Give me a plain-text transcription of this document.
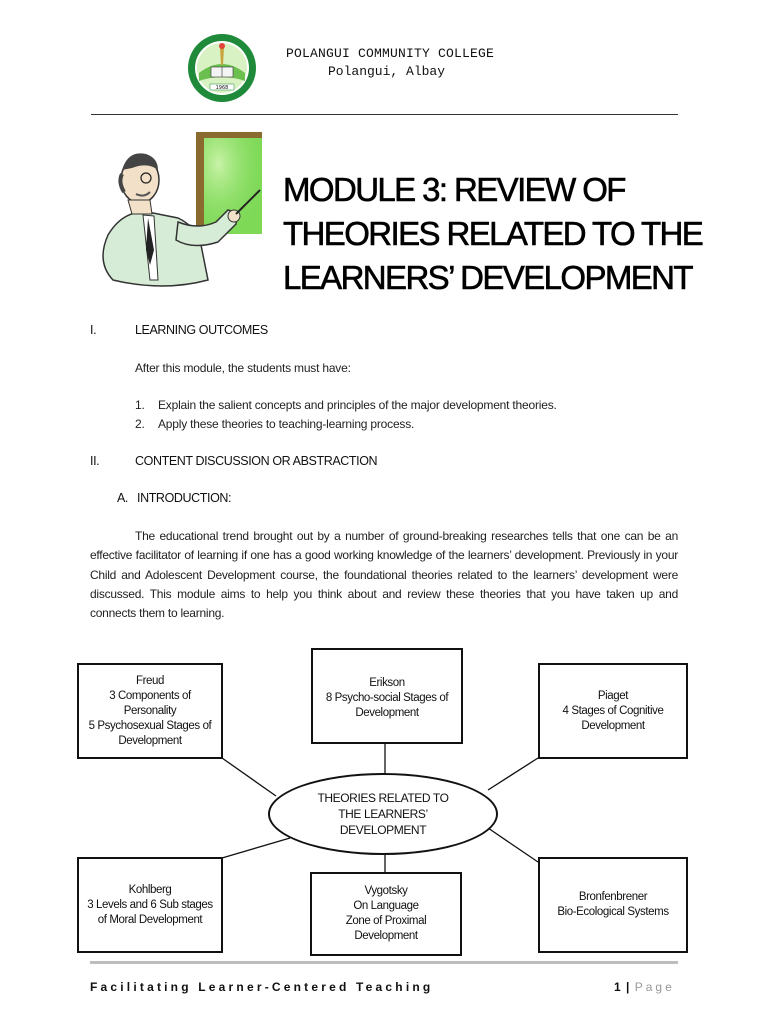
1968
POLANGUI COMMUNITY COLLEGE
Polangui, Albay
MODULE 3: REVIEW OF
THEORIES RELATED TO THE
LEARNERS’ DEVELOPMENT
I.	LEARNING OUTCOMES
After this module, the students must have:
1. Explain the salient concepts and principles of the major development theories.
2. Apply these theories to teaching-learning process.
II.	CONTENT DISCUSSION OR ABSTRACTION
A. INTRODUCTION:
The educational trend brought out by a number of ground-breaking researches tells that one can be an effective facilitator of learning if one has a good working knowledge of the learners’ development. Previously in your Child and Adolescent Development course, the foundational theories related to the learners’ development were discussed. This module aims to help you think about and review these theories that you have taken up and connects them to learning.
Freud
3 Components of
Personality
5 Psychosexual Stages of
Development
Erikson
8 Psycho-social Stages of
Development
Piaget
4 Stages of Cognitive
Development
THEORIES RELATED TO
THE LEARNERS’
DEVELOPMENT
Kohlberg
3 Levels and 6 Sub stages
of Moral Development
Vygotsky
On Language
Zone of Proximal
Development
Bronfenbrener
Bio-Ecological Systems
Facilitating Learner-Centered Teaching	1 | Page
